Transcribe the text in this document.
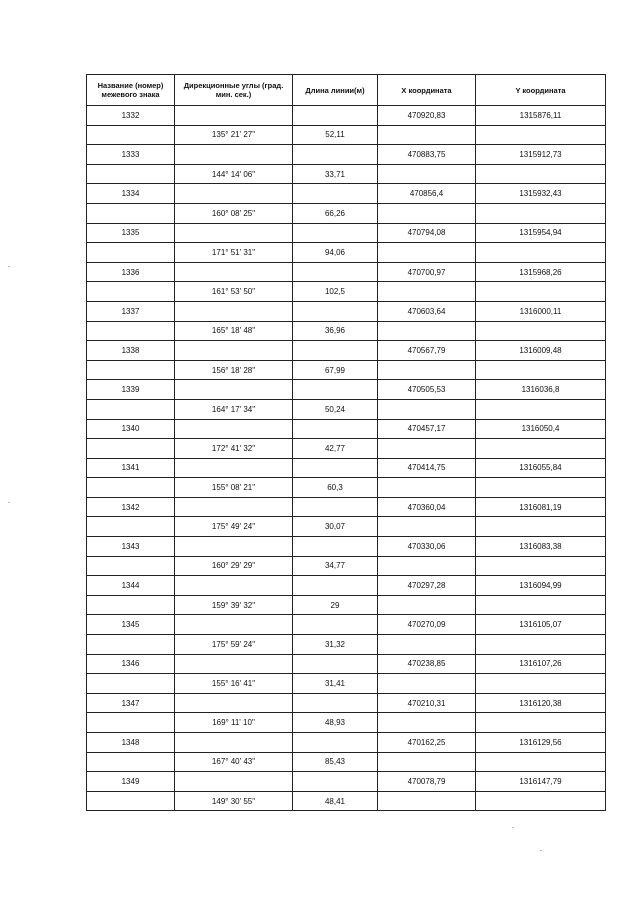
Название (номер) межевого знака	Дирекционные углы (град. мин. сек.)	Длина линии(м)	X координата	Y координата
1332			470920,83	1315876,11
	135° 21' 27"	52,11		
1333			470883,75	1315912,73
	144° 14' 06"	33,71		
1334			470856,4	1315932,43
	160° 08' 25"	66,26		
1335			470794,08	1315954,94
	171° 51' 31"	94,06		
1336			470700,97	1315968,26
	161° 53' 50"	102,5		
1337			470603,64	1316000,11
	165° 18' 48"	36,96		
1338			470567,79	1316009,48
	156° 18' 28"	67,99		
1339			470505,53	1316036,8
	164° 17' 34"	50,24		
1340			470457,17	1316050,4
	172° 41' 32"	42,77		
1341			470414,75	1316055,84
	155° 08' 21"	60,3		
1342			470360,04	1316081,19
	175° 49' 24"	30,07		
1343			470330,06	1316083,38
	160° 29' 29"	34,77		
1344			470297,28	1316094,99
	159° 39' 32"	29		
1345			470270,09	1316105,07
	175° 59' 24"	31,32		
1346			470238,85	1316107,26
	155° 16' 41"	31,41		
1347			470210,31	1316120,38
	169° 11' 10"	48,93		
1348			470162,25	1316129,56
	167° 40' 43"	85,43		
1349			470078,79	1316147,79
	149° 30' 55"	48,41		
